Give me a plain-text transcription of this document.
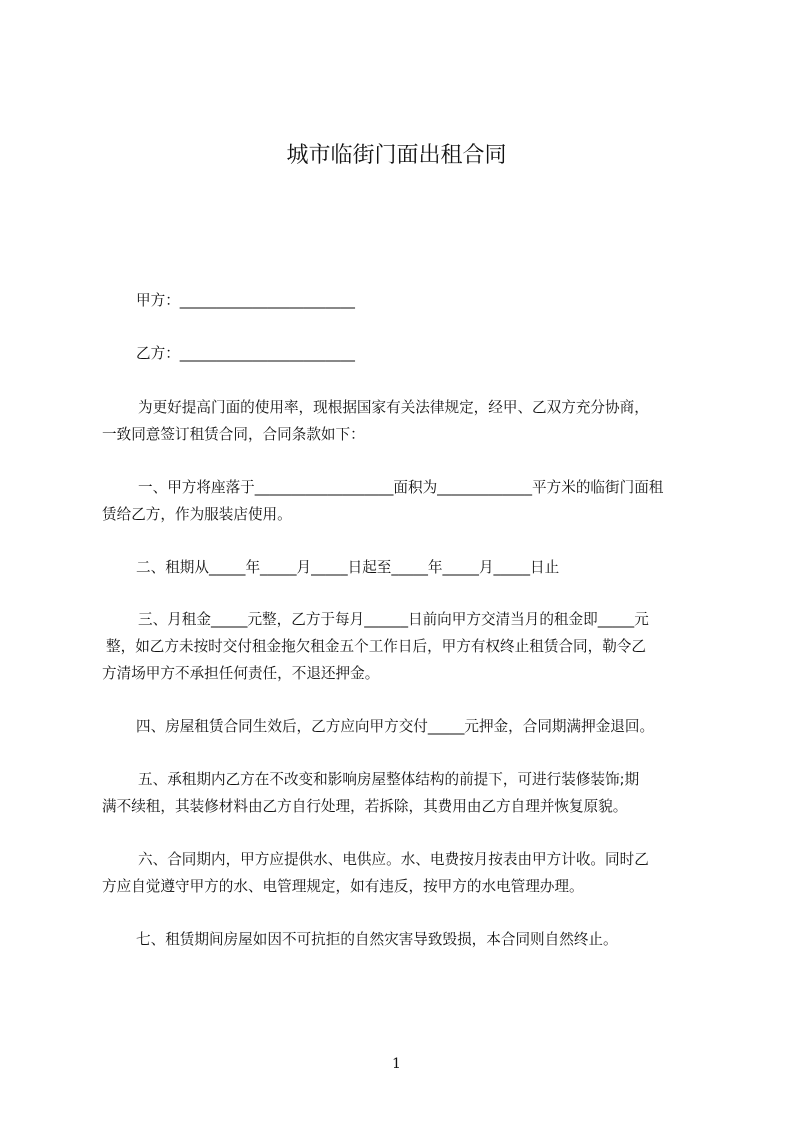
城市临街门面出租合同
甲方：________________________
乙方：________________________
为更好提高门面的使用率，现根据国家有关法律规定，经甲、乙双方充分协商，
一致同意签订租赁合同，合同条款如下：
一、甲方将座落于___________________面积为_____________平方米的临街门面租
赁给乙方，作为服装店使用。
二、租期从_____年_____月_____日起至_____年_____月_____日止
三、月租金_____元整，乙方于每月______日前向甲方交清当月的租金即_____元
整，如乙方未按时交付租金拖欠租金五个工作日后，甲方有权终止租赁合同，勒令乙
方清场甲方不承担任何责任，不退还押金。
四、房屋租赁合同生效后，乙方应向甲方交付_____元押金，合同期满押金退回。
五、承租期内乙方在不改变和影响房屋整体结构的前提下，可进行装修装饰;期
满不续租，其装修材料由乙方自行处理，若拆除，其费用由乙方自理并恢复原貌。
六、合同期内，甲方应提供水、电供应。水、电费按月按表由甲方计收。同时乙
方应自觉遵守甲方的水、电管理规定，如有违反，按甲方的水电管理办理。
七、租赁期间房屋如因不可抗拒的自然灾害导致毁损，本合同则自然终止。
1
